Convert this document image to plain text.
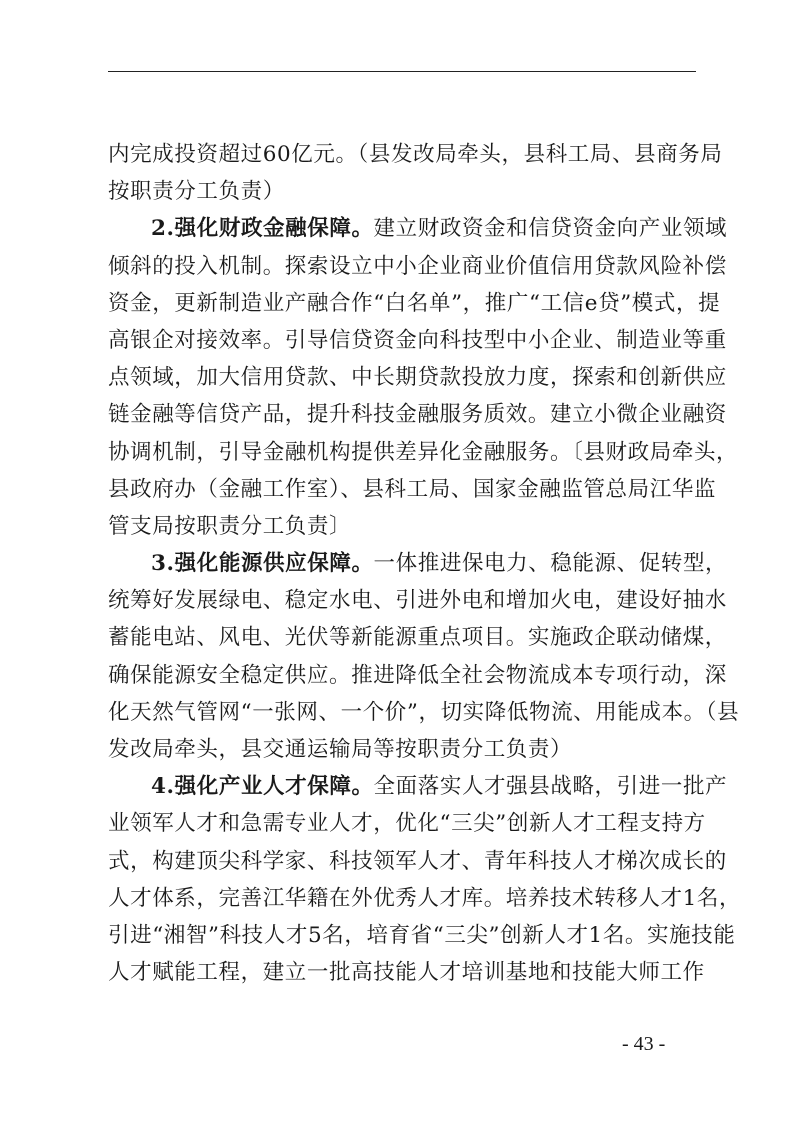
内完成投资超过60亿元。（县发改局牵头，县科工局、县商务局
按职责分工负责）
2.强化财政金融保障。建立财政资金和信贷资金向产业领域
倾斜的投入机制。探索设立中小企业商业价值信用贷款风险补偿
资金，更新制造业产融合作“白名单”，推广“工信e贷”模式，提
高银企对接效率。引导信贷资金向科技型中小企业、制造业等重
点领域，加大信用贷款、中长期贷款投放力度，探索和创新供应
链金融等信贷产品，提升科技金融服务质效。建立小微企业融资
协调机制，引导金融机构提供差异化金融服务。〔县财政局牵头，
县政府办（金融工作室）、县科工局、国家金融监管总局江华监
管支局按职责分工负责〕
3.强化能源供应保障。一体推进保电力、稳能源、促转型，
统筹好发展绿电、稳定水电、引进外电和增加火电，建设好抽水
蓄能电站、风电、光伏等新能源重点项目。实施政企联动储煤，
确保能源安全稳定供应。推进降低全社会物流成本专项行动，深
化天然气管网“一张网、一个价”，切实降低物流、用能成本。（县
发改局牵头，县交通运输局等按职责分工负责）
4.强化产业人才保障。全面落实人才强县战略，引进一批产
业领军人才和急需专业人才，优化“三尖”创新人才工程支持方
式，构建顶尖科学家、科技领军人才、青年科技人才梯次成长的
人才体系，完善江华籍在外优秀人才库。培养技术转移人才1名，
引进“湘智”科技人才5名，培育省“三尖”创新人才1名。实施技能
人才赋能工程，建立一批高技能人才培训基地和技能大师工作
- 43 -
